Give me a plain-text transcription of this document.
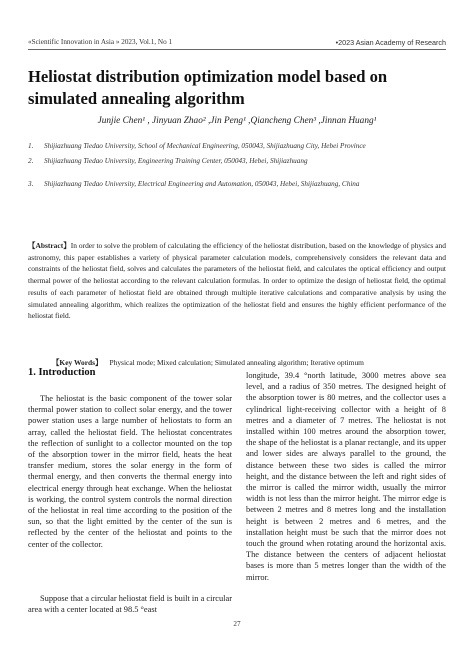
«Scientific Innovation in Asia » 2023, Vol.1, No 1	•2023 Asian Academy of Research
Heliostat distribution optimization model based on simulated annealing algorithm
Junjie Chen¹ , Jinyuan Zhao² ,Jin Peng¹ ,Qiancheng Chen³ ,Jinnan Huang¹
1. Shijiazhuang Tiedao University, School of Mechanical Engineering, 050043, Shijiazhuang City, Hebei Province
2. Shijiazhuang Tiedao University, Engineering Training Center, 050043, Hebei, Shijiazhuang
3. Shijiazhuang Tiedao University, Electrical Engineering and Automation, 050043, Hebei, Shijiazhuang, China

【Abstract】In order to solve the problem of calculating the efficiency of the heliostat distribution, based on the knowledge of physics and astronomy, this paper establishes a variety of physical parameter calculation models, comprehensively considers the relevant data and constraints of the heliostat field, solves and calculates the parameters of the heliostat field, and calculates the optical efficiency and output thermal power of the heliostat according to the relevant calculation formulas. In order to optimize the design of heliostat field, the optimal results of each parameter of heliostat field are obtained through multiple iterative calculations and comparative analysis by using the simulated annealing algorithm, which realizes the optimization of the heliostat field and ensures the highly efficient performance of the heliostat field.

【Key Words】 Physical mode; Mixed calculation; Simulated annealing algorithm; Iterative optimum
1. Introduction

The heliostat is the basic component of the tower solar thermal power station to collect solar energy, and the tower power station uses a large number of heliostats to form an array, called the heliostat field. The heliostat concentrates the reflection of sunlight to a collector mounted on the top of the absorption tower in the mirror field, heats the heat transfer medium, stores the solar energy in the form of thermal energy, and then converts the thermal energy into electrical energy through heat exchange. When the heliostat is working, the control system controls the normal direction of the heliostat in real time according to the position of the sun, so that the light emitted by the center of the sun is reflected by the center of the heliostat and points to the center of the collector.

Suppose that a circular heliostat field is built in a circular area with a center located at 98.5 °east

longitude, 39.4 °north latitude, 3000 metres above sea level, and a radius of 350 metres. The designed height of the absorption tower is 80 metres, and the collector uses a cylindrical light-receiving collector with a height of 8 metres and a diameter of 7 metres. The heliostat is not installed within 100 metres around the absorption tower, the shape of the heliostat is a planar rectangle, and its upper and lower sides are always parallel to the ground, the distance between these two sides is called the mirror height, and the distance between the left and right sides of the mirror is called the mirror width, usually the mirror width is not less than the mirror height. The mirror edge is between 2 metres and 8 metres long and the installation height is between 2 metres and 6 metres, and the installation height must be such that the mirror does not touch the ground when rotating around the horizontal axis. The distance between the centers of adjacent heliostat bases is more than 5 metres longer than the width of the mirror.

27
